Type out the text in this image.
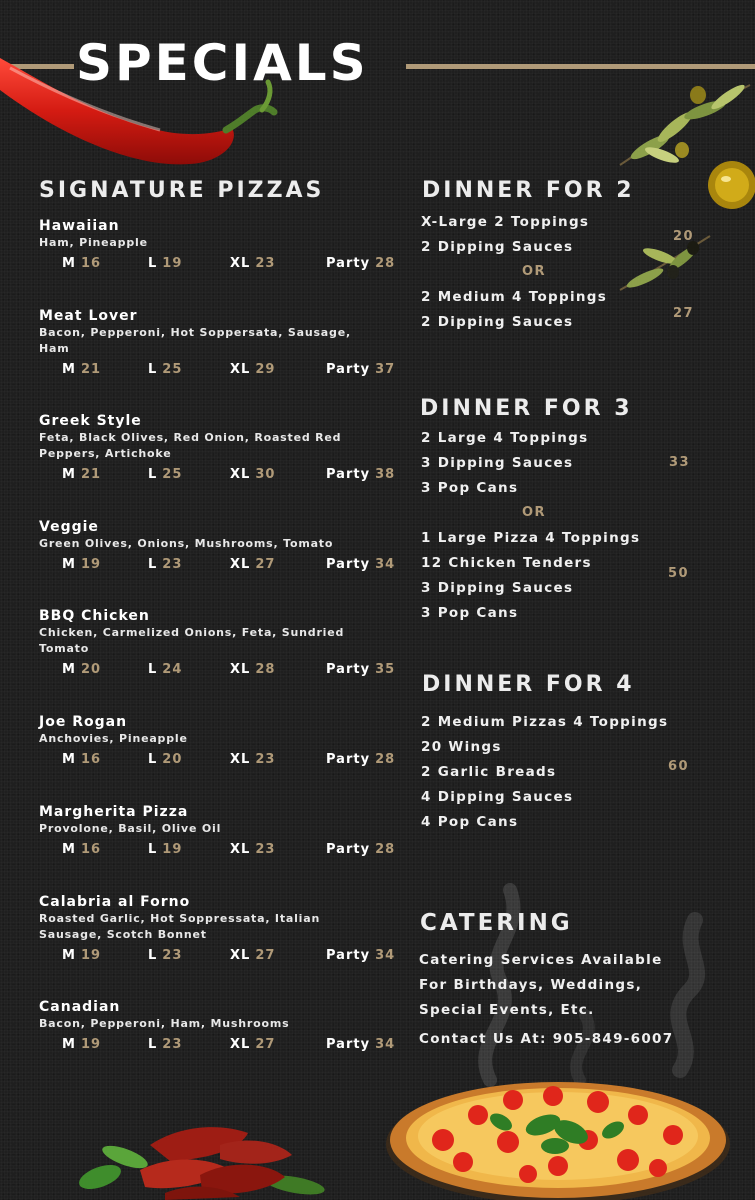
SPECIALS
SIGNATURE PIZZAS
Hawaiian
Ham, Pineapple
M 16	L 19	XL 23	Party 28
Meat Lover
Bacon, Pepperoni, Hot Soppersata, Sausage, Ham
M 21	L 25	XL 29	Party 37
Greek Style
Feta, Black Olives, Red Onion, Roasted Red Peppers, Artichoke
M 21	L 25	XL 30	Party 38
Veggie
Green Olives, Onions, Mushrooms, Tomato
M 19	L 23	XL 27	Party 34
BBQ Chicken
Chicken, Carmelized Onions, Feta, Sundried Tomato
M 20	L 24	XL 28	Party 35
Joe Rogan
Anchovies, Pineapple
M 16	L 20	XL 23	Party 28
Margherita Pizza
Provolone, Basil, Olive Oil
M 16	L 19	XL 23	Party 28
Calabria al Forno
Roasted Garlic, Hot Soppressata, Italian Sausage, Scotch Bonnet
M 19	L 23	XL 27	Party 34
Canadian
Bacon, Pepperoni, Ham, Mushrooms
M 19	L 23	XL 27	Party 34
DINNER FOR 2
X-Large 2 Toppings
2 Dipping Sauces
20
OR
2 Medium 4 Toppings
2 Dipping Sauces
27
DINNER FOR 3
2 Large 4 Toppings
3 Dipping Sauces
3 Pop Cans
33
OR
1 Large Pizza 4 Toppings
12 Chicken Tenders
3 Dipping Sauces
3 Pop Cans
50
DINNER FOR 4
2 Medium Pizzas 4 Toppings
20 Wings
2 Garlic Breads
4 Dipping Sauces
4 Pop Cans
60
CATERING
Catering Services Available
For Birthdays, Weddings,
Special Events, Etc.
Contact Us At: 905-849-6007
